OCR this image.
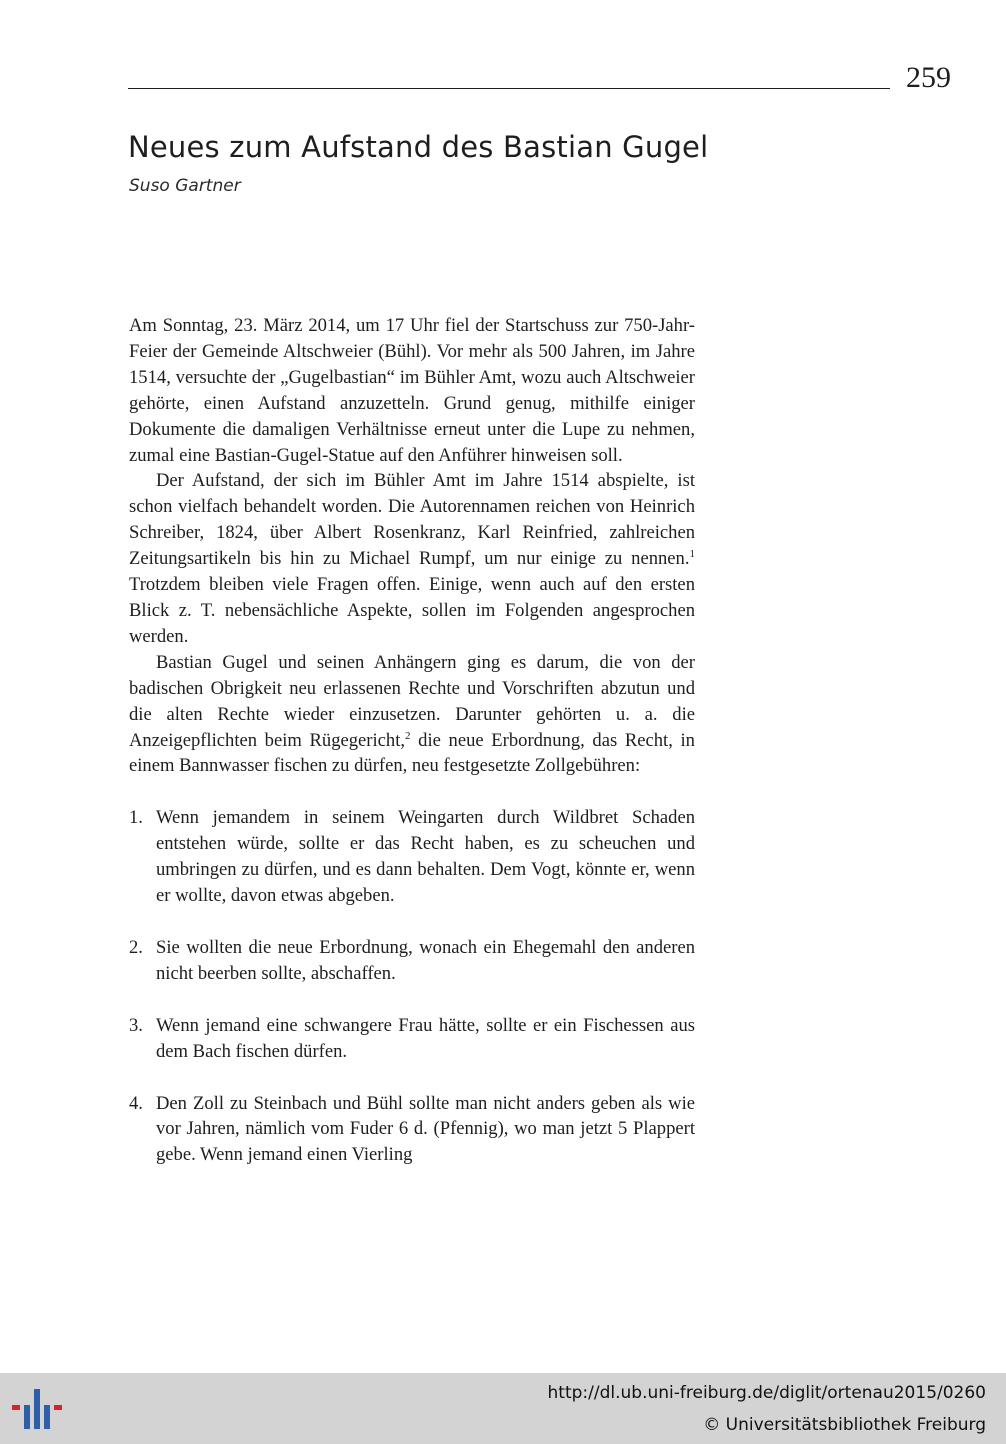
259
Neues zum Aufstand des Bastian Gugel
Suso Gartner

Am Sonntag, 23. März 2014, um 17 Uhr fiel der Startschuss zur 750-Jahr-Feier der Gemeinde Altschweier (Bühl). Vor mehr als 500 Jahren, im Jahre 1514, versuchte der „Gugelbastian“ im Bühler Amt, wozu auch Altschweier gehörte, einen Aufstand anzuzetteln. Grund genug, mithilfe einiger Dokumente die damaligen Verhältnisse erneut unter die Lupe zu nehmen, zumal eine Bastian-Gugel-Statue auf den Anführer hinweisen soll.

Der Aufstand, der sich im Bühler Amt im Jahre 1514 abspielte, ist schon vielfach behandelt worden. Die Autorennamen reichen von Heinrich Schreiber, 1824, über Albert Rosenkranz, Karl Reinfried, zahlreichen Zeitungsartikeln bis hin zu Michael Rumpf, um nur einige zu nennen.$^1$ Trotzdem bleiben viele Fragen offen. Einige, wenn auch auf den ersten Blick z. T. nebensächliche Aspekte, sollen im Folgenden angesprochen werden.

Bastian Gugel und seinen Anhängern ging es darum, die von der badischen Obrigkeit neu erlassenen Rechte und Vorschriften abzutun und die alten Rechte wieder einzusetzen. Darunter gehörten u. a. die Anzeigepflichten beim Rügegericht,$^2$ die neue Erbordnung, das Recht, in einem Bannwasser fischen zu dürfen, neu festgesetzte Zollgebühren:

1. Wenn jemandem in seinem Weingarten durch Wildbret Schaden entstehen würde, sollte er das Recht haben, es zu scheuchen und umbringen zu dürfen, und es dann behalten. Dem Vogt, könnte er, wenn er wollte, davon etwas abgeben.
2. Sie wollten die neue Erbordnung, wonach ein Ehegemahl den anderen nicht beerben sollte, abschaffen.
3. Wenn jemand eine schwangere Frau hätte, sollte er ein Fischessen aus dem Bach fischen dürfen.
4. Den Zoll zu Steinbach und Bühl sollte man nicht anders geben als wie vor Jahren, nämlich vom Fuder 6 d. (Pfennig), wo man jetzt 5 Plappert gebe. Wenn jemand einen Vierling
http://dl.ub.uni-freiburg.de/diglit/ortenau2015/0260
© Universitätsbibliothek Freiburg
